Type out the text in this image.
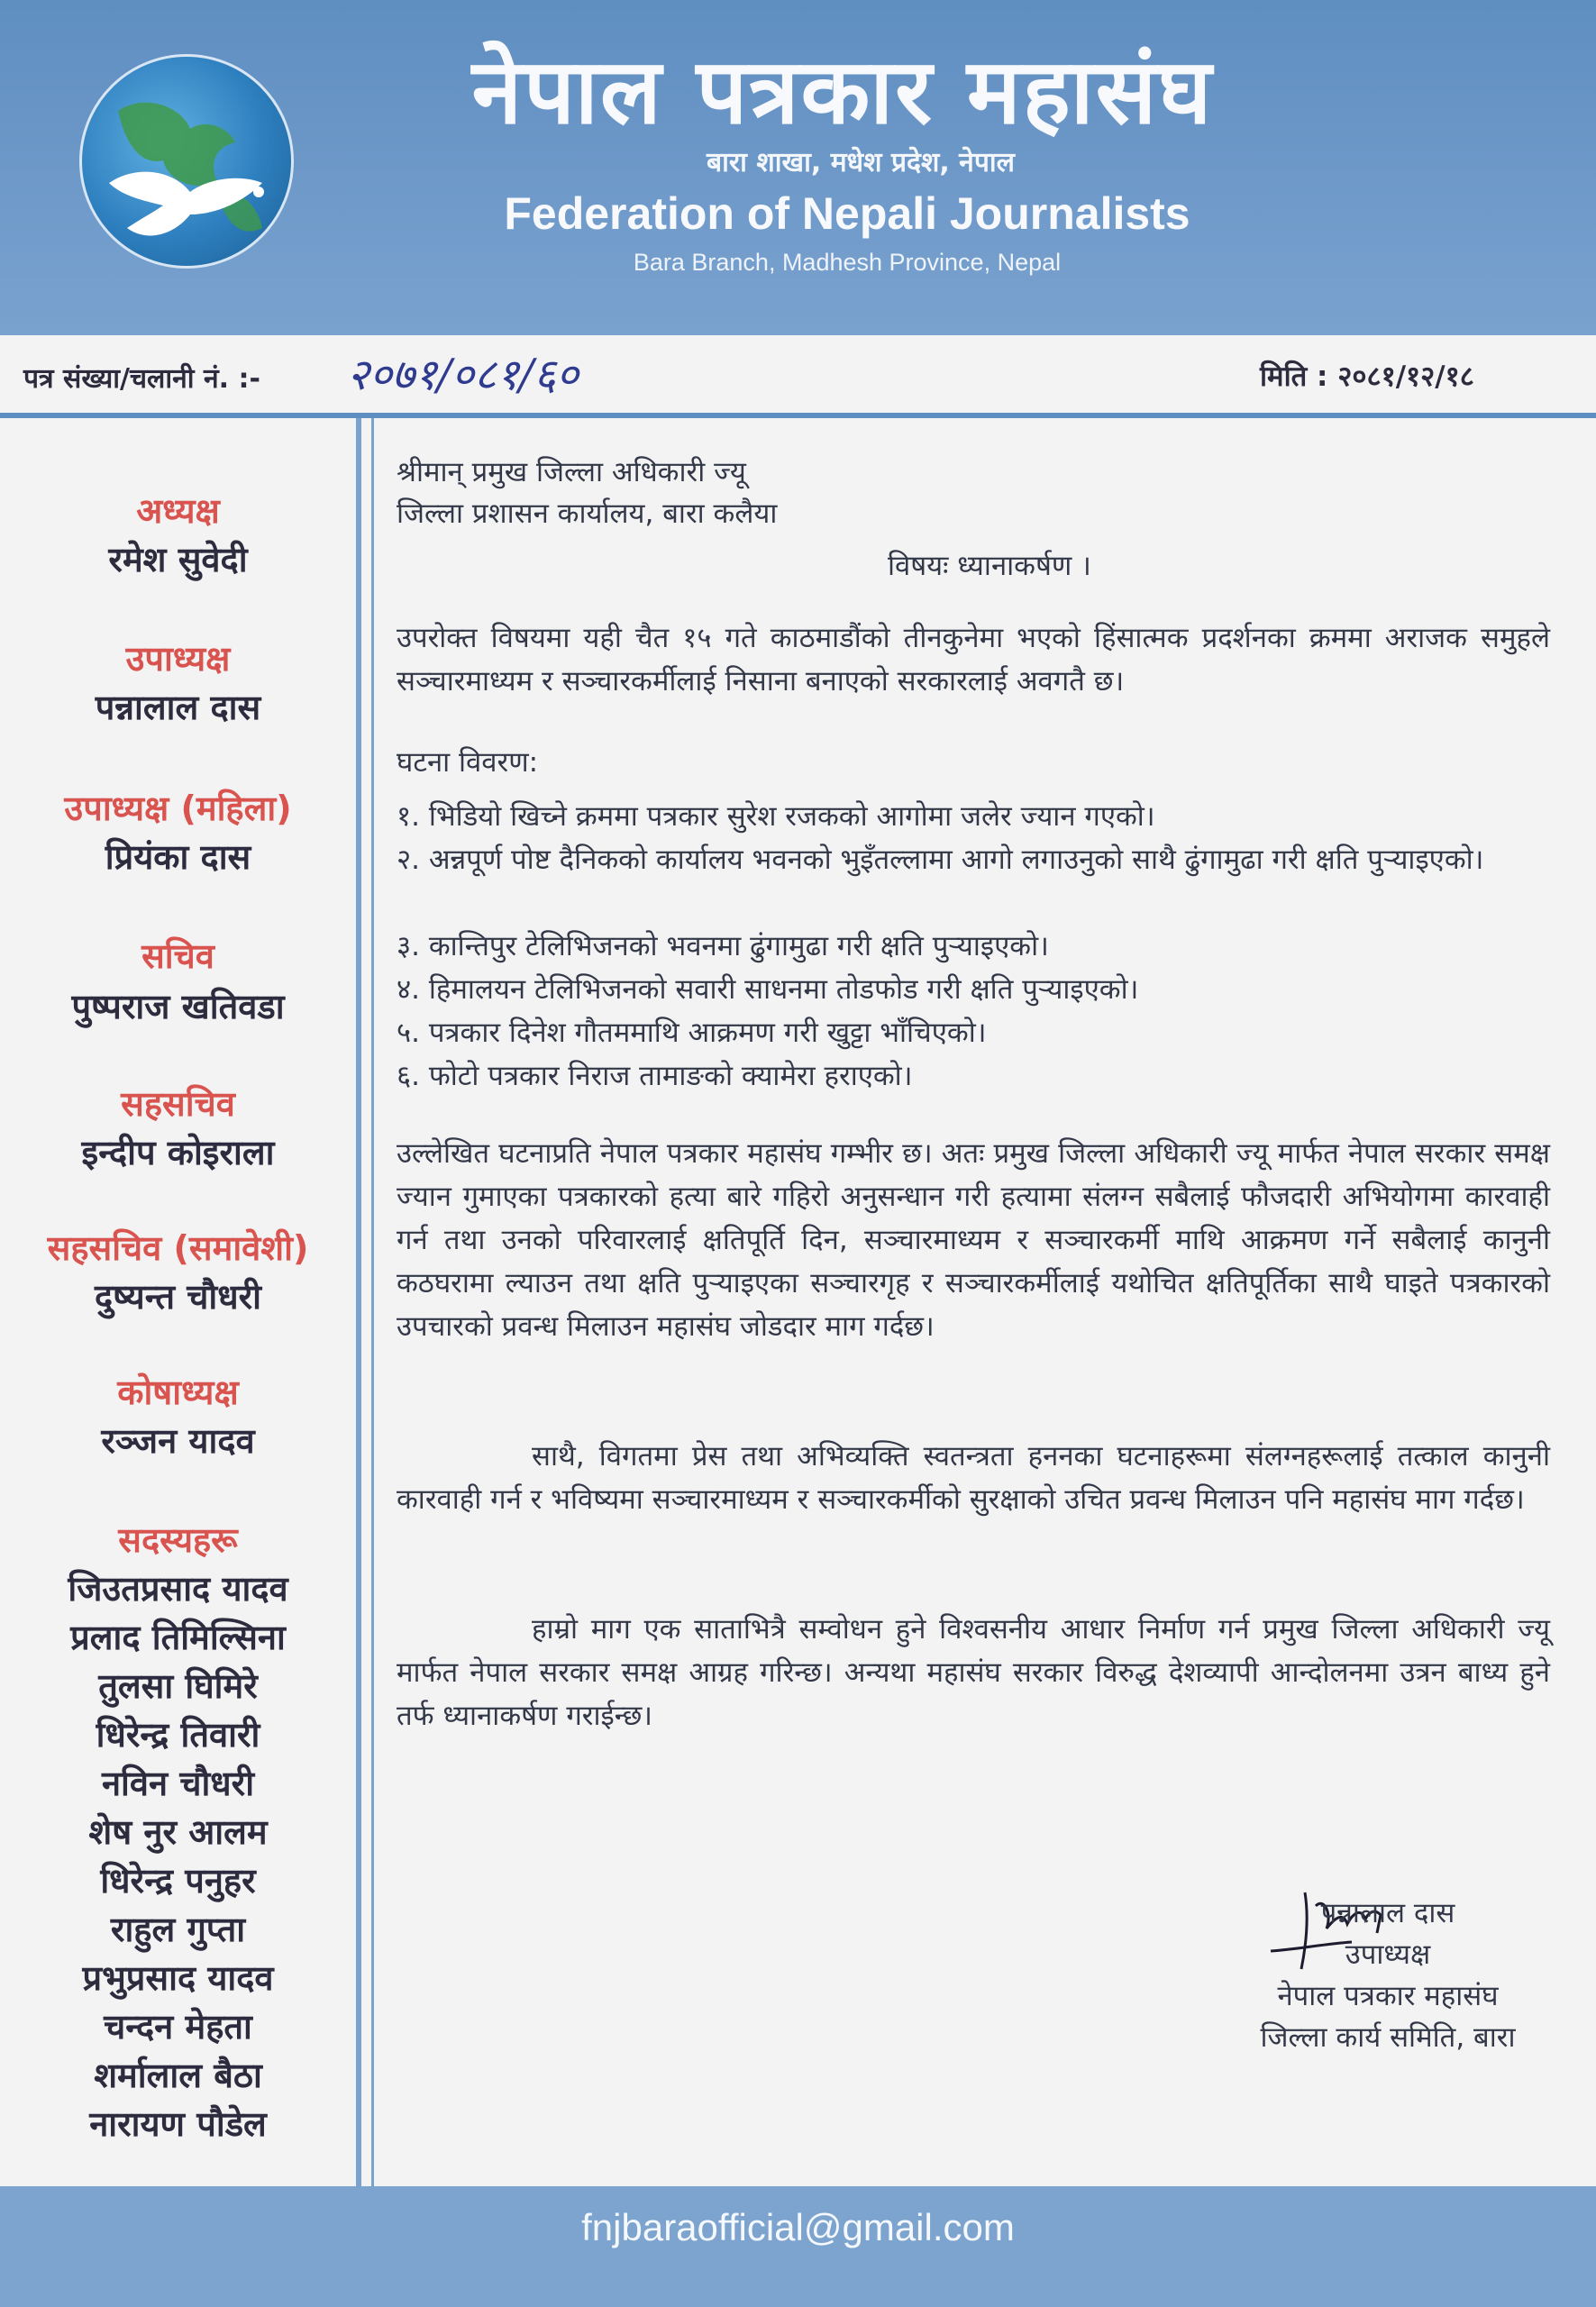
नेपाल पत्रकार महासंघ
बारा शाखा, मधेश प्रदेश, नेपाल
Federation of Nepali Journalists
Bara Branch, Madhesh Province, Nepal
पत्र संख्या/चलानी नं. :- २०७१/०८१/६०	मिति : २०८१/१२/१८
अध्यक्ष
रमेश सुवेदी
उपाध्यक्ष
पन्नालाल दास
उपाध्यक्ष (महिला)
प्रियंका दास
सचिव
पुष्पराज खतिवडा
सहसचिव
इन्दीप कोइराला
सहसचिव (समावेशी)
दुष्यन्त चौधरी
कोषाध्यक्ष
रञ्जन यादव
सदस्यहरू
जिउतप्रसाद यादव
प्रलाद तिमिल्सिना
तुलसा घिमिरे
धिरेन्द्र तिवारी
नविन चौधरी
शेष नुर आलम
धिरेन्द्र पनुहर
राहुल गुप्ता
प्रभुप्रसाद यादव
चन्दन मेहता
शर्मालाल बैठा
नारायण पौडेल
श्रीमान् प्रमुख जिल्ला अधिकारी ज्यू
जिल्ला प्रशासन कार्यालय, बारा कलैया
विषयः ध्यानाकर्षण ।
उपरोक्त विषयमा यही चैत १५ गते काठमाडौंको तीनकुनेमा भएको हिंसात्मक प्रदर्शनका क्रममा अराजक समुहले सञ्चारमाध्यम र सञ्चारकर्मीलाई निसाना बनाएको सरकारलाई अवगतै छ।
घटना विवरण:
१. भिडियो खिच्ने क्रममा पत्रकार सुरेश रजकको आगोमा जलेर ज्यान गएको।
२. अन्नपूर्ण पोष्ट दैनिकको कार्यालय भवनको भुइँतल्लामा आगो लगाउनुको साथै ढुंगामुढा गरी क्षति पुर्‍याइएको।
३. कान्तिपुर टेलिभिजनको भवनमा ढुंगामुढा गरी क्षति पुर्‍याइएको।
४. हिमालयन टेलिभिजनको सवारी साधनमा तोडफोड गरी क्षति पुर्‍याइएको।
५. पत्रकार दिनेश गौतममाथि आक्रमण गरी खुट्टा भाँचिएको।
६. फोटो पत्रकार निराज तामाङको क्यामेरा हराएको।
उल्लेखित घटनाप्रति नेपाल पत्रकार महासंघ गम्भीर छ। अतः प्रमुख जिल्ला अधिकारी ज्यू मार्फत नेपाल सरकार समक्ष ज्यान गुमाएका पत्रकारको हत्या बारे गहिरो अनुसन्धान गरी हत्यामा संलग्न सबैलाई फौजदारी अभियोगमा कारवाही गर्न तथा उनको परिवारलाई क्षतिपूर्ति दिन, सञ्चारमाध्यम र सञ्चारकर्मी माथि आक्रमण गर्ने सबैलाई कानुनी कठघरामा ल्याउन तथा क्षति पुर्‍याइएका सञ्चारगृह र सञ्चारकर्मीलाई यथोचित क्षतिपूर्तिका साथै घाइते पत्रकारको उपचारको प्रवन्ध मिलाउन महासंघ जोडदार माग गर्दछ।
साथै, विगतमा प्रेस तथा अभिव्यक्ति स्वतन्त्रता हननका घटनाहरूमा संलग्नहरूलाई तत्काल कानुनी कारवाही गर्न र भविष्यमा सञ्चारमाध्यम र सञ्चारकर्मीको सुरक्षाको उचित प्रवन्ध मिलाउन पनि महासंघ माग गर्दछ।
हाम्रो माग एक साताभित्रै सम्वोधन हुने विश्वसनीय आधार निर्माण गर्न प्रमुख जिल्ला अधिकारी ज्यू मार्फत नेपाल सरकार समक्ष आग्रह गरिन्छ। अन्यथा महासंघ सरकार विरुद्ध देशव्यापी आन्दोलनमा उत्रन बाध्य हुने तर्फ ध्यानाकर्षण गराईन्छ।
पन्नालाल दास
उपाध्यक्ष
नेपाल पत्रकार महासंघ
जिल्ला कार्य समिति, बारा
fnjbaraofficial@gmail.com
